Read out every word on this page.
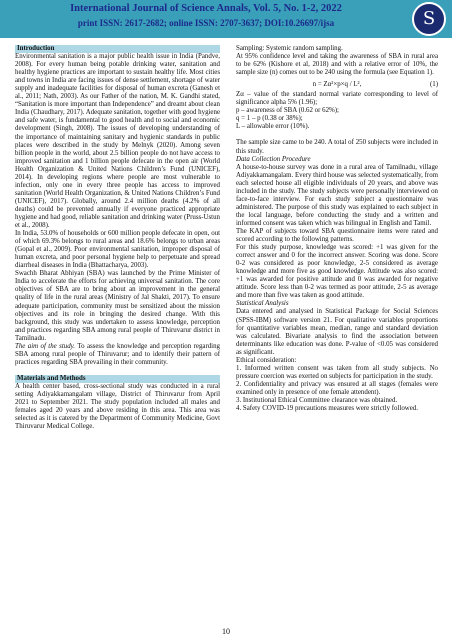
International Journal of Science Annals, Vol. 5, No. 1-2, 2022
print ISSN: 2617-2682; online ISSN: 2707-3637; DOI:10.26697/ijsa	S

Introduction

Environmental sanitation is a major public health issue in India (Pandve, 2008). For every human being potable drinking water, sanitation and healthy hygiene practices are important to sustain healthy life. Most cities and towns in India are facing issues of dense settlement, shortage of water supply and inadequate facilities for disposal of human excreta (Ganesh et al., 2011; Nath, 2003). As our Father of the nation, M. K. Gandhi stated, “Sanitation is more important than Independence” and dreamt about clean India (Chaudhary, 2017). Adequate sanitation, together with good hygiene and safe water, is fundamental to good health and to social and economic development (Singh, 2008). The issues of developing understanding of the importance of maintaining sanitary and hygienic standards in public places were described in the study by Melnyk (2020). Among seven billion people in the world, about 2.5 billion people do not have access to improved sanitation and 1 billion people defecate in the open air (World Health Organization & United Nations Children’s Fund (UNICEF), 2014). In developing regions where people are most vulnerable to infection, only one in every three people has access to improved sanitation (World Health Organization, & United Nations Children’s Fund (UNICEF), 2017). Globally, around 2.4 million deaths (4.2% of all deaths) could be prevented annually if everyone practiced appropriate hygiene and had good, reliable sanitation and drinking water (Pruss-Ustun et al., 2008).

In India, 53.0% of households or 600 million people defecate in open, out of which 69.3% belongs to rural areas and 18.6% belongs to urban areas (Gopal et al., 2009). Poor environmental sanitation, improper disposal of human excreta, and poor personal hygiene help to perpetuate and spread diarrheal diseases in India (Bhattacharya, 2003).

Swachh Bharat Abhiyan (SBA) was launched by the Prime Minister of India to accelerate the efforts for achieving universal sanitation. The core objectives of SBA are to bring about an improvement in the general quality of life in the rural areas (Ministry of Jal Shakti, 2017). To ensure adequate participation, community must be sensitized about the mission objectives and its role in bringing the desired change. With this background, this study was undertaken to assess knowledge, perception and practices regarding SBA among rural people of Thiruvarur district in Tamilnadu.

The aim of the study. To assess the knowledge and perception regarding SBA among rural people of Thiruvarur; and to identify their pattern of practices regarding SBA prevailing in their community.

Materials and Methods

A health center based, cross-sectional study was conducted in a rural setting Adiyakkamangalam village, District of Thiruvarur from April 2021 to September 2021. The study population included all males and females aged 20 years and above residing in this area. This area was selected as it is catered by the Department of Community Medicine, Govt Thiruvarur Medical College.

Sampling: Systemic random sampling.

At 95% confidence level and taking the awareness of SBA in rural area to be 62% (Kishore et al, 2018) and with a relative error of 10%, the sample size (n) comes out to be 240 using the formula (see Equation 1).

n = Zα²×p×q / L²,	(1)

Zα – value of the standard normal variate corresponding to level of significance alpha 5% (1.96);

p – awareness of SBA (0.62 or 62%);

q = 1 – p (0.38 or 38%);

L – allowable error (10%).

The sample size came to be 240. A total of 250 subjects were included in this study.

Data Collection Procedure

A house-to-house survey was done in a rural area of Tamilnadu, village Adiyakkamangalam. Every third house was selected systematically, from each selected house all eligible individuals of 20 years, and above was included in the study. The study subjects were personally interviewed on face-to-face interview. For each study subject a questionnaire was administered. The purpose of this study was explained to each subject in the local language, before conducting the study and a written and informed consent was taken which was bilingual in English and Tamil.

The KAP of subjects toward SBA questionnaire items were rated and scored according to the following patterns.

For this study purpose, knowledge was scored: +1 was given for the correct answer and 0 for the incorrect answer. Scoring was done. Score 0-2 was considered as poor knowledge, 2-5 considered as average knowledge and more five as good knowledge. Attitude was also scored: +1 was awarded for positive attitude and 0 was awarded for negative attitude. Score less than 0-2 was termed as poor attitude, 2-5 as average and more than five was taken as good attitude.

Statistical Analysis

Data entered and analysed in Statistical Package for Social Sciences (SPSS-IBM) software version 21. For qualitative variables proportions for quantitative variables mean, median, range and standard deviation was calculated. Bivariate analysis to find the association between determinants like education was done. P-value of <0.05 was considered as significant.

Ethical consideration:

1. Informed written consent was taken from all study subjects. No pressure coercion was exerted on subjects for participation in the study.

2. Confidentiality and privacy was ensured at all stages (females were examined only in presence of one female attendent).

3. Institutional Ethical Committee clearance was obtained.

4. Safety COVID-19 precautions measures were strictly followed.

10
